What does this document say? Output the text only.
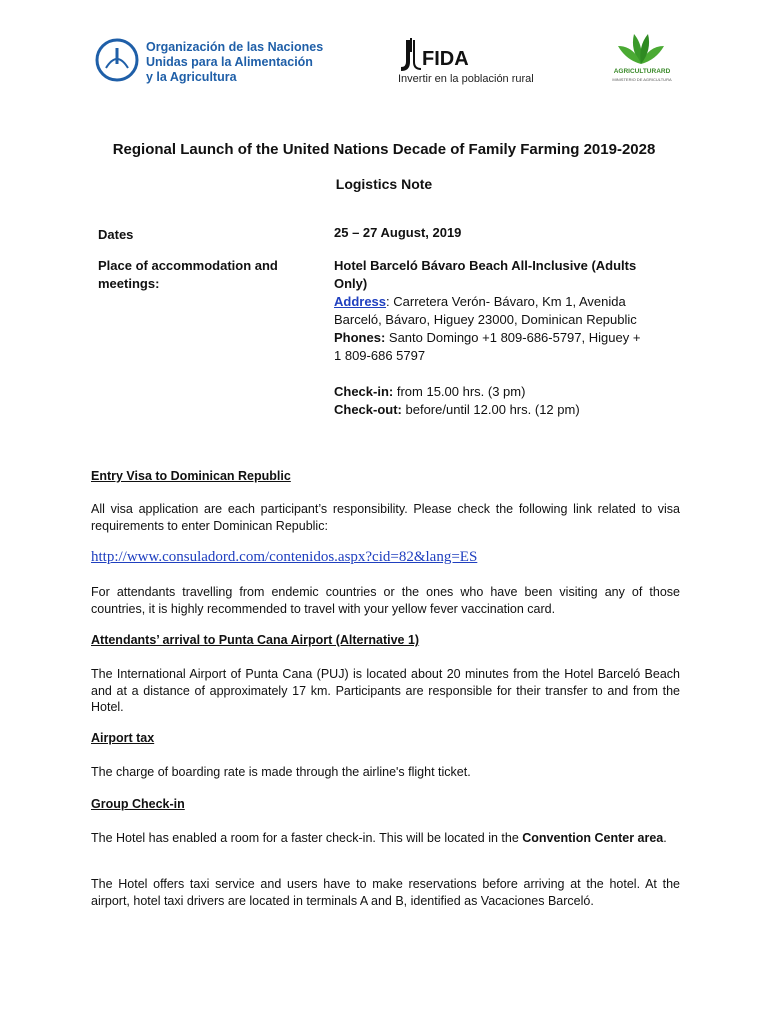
Organización de las Naciones
Unidas para la Alimentación
y la Agricultura
FIDA
Invertir en la población rural
AGRICULTURARD
MINISTERIO DE AGRICULTURA
Regional Launch of the United Nations Decade of Family Farming 2019-2028
Logistics Note
Dates	25 – 27 August, 2019
Place of accommodation and
meetings:
Hotel Barceló Bávaro Beach All-Inclusive (Adults
Only)
Address: Carretera Verón- Bávaro, Km 1, Avenida
Barceló, Bávaro, Higuey 23000, Dominican Republic
Phones: Santo Domingo +1 809-686-5797, Higuey +
1 809-686 5797
Check-in: from 15.00 hrs. (3 pm)
Check-out: before/until 12.00 hrs. (12 pm)
Entry Visa to Dominican Republic
All visa application are each participant’s responsibility. Please check the following link related to visa requirements to enter Dominican Republic:
http://www.consuladord.com/contenidos.aspx?cid=82&lang=ES
For attendants travelling from endemic countries or the ones who have been visiting any of those countries, it is highly recommended to travel with your yellow fever vaccination card.
Attendants’ arrival to Punta Cana Airport (Alternative 1)
The International Airport of Punta Cana (PUJ) is located about 20 minutes from the Hotel Barceló Beach and at a distance of approximately 17 km. Participants are responsible for their transfer to and from the Hotel.
Airport tax
The charge of boarding rate is made through the airline's flight ticket.
Group Check-in
The Hotel has enabled a room for a faster check-in. This will be located in the Convention Center area.
The Hotel offers taxi service and users have to make reservations before arriving at the hotel. At the airport, hotel taxi drivers are located in terminals A and B, identified as Vacaciones Barceló.
